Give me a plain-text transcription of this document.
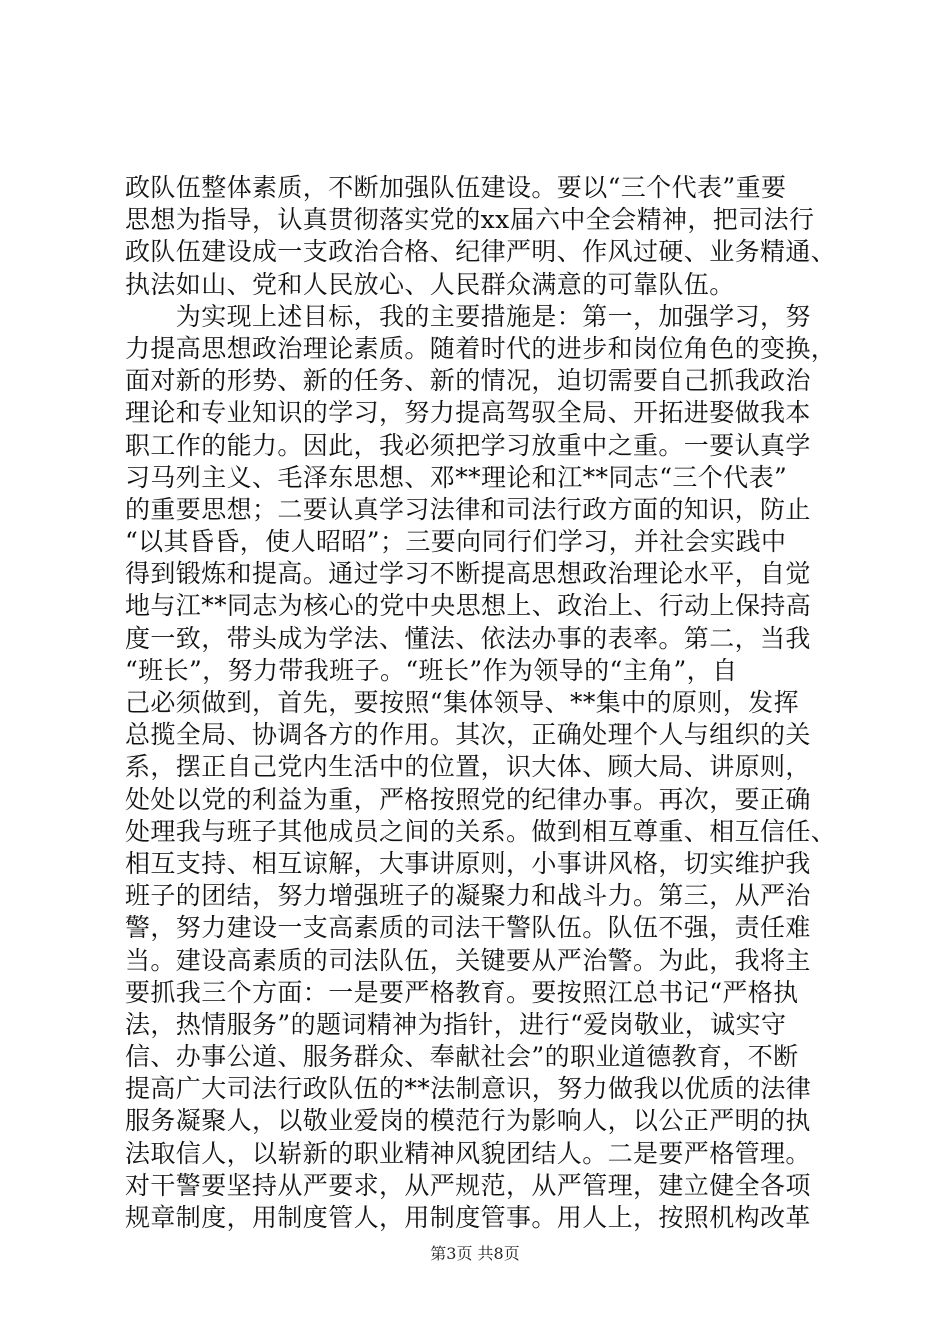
政队伍整体素质，不断加强队伍建设。要以“三个代表”重要
思想为指导，认真贯彻落实党的xx届六中全会精神，把司法行
政队伍建设成一支政治合格、纪律严明、作风过硬、业务精通、
执法如山、党和人民放心、人民群众满意的可靠队伍。
　　为实现上述目标，我的主要措施是：第一，加强学习，努
力提高思想政治理论素质。随着时代的进步和岗位角色的变换，
面对新的形势、新的任务、新的情况，迫切需要自己抓我政治
理论和专业知识的学习，努力提高驾驭全局、开拓进娶做我本
职工作的能力。因此，我必须把学习放重中之重。一要认真学
习马列主义、毛泽东思想、邓**理论和江**同志“三个代表”
的重要思想；二要认真学习法律和司法行政方面的知识，防止
“以其昏昏，使人昭昭”；三要向同行们学习，并社会实践中
得到锻炼和提高。通过学习不断提高思想政治理论水平，自觉
地与江**同志为核心的党中央思想上、政治上、行动上保持高
度一致，带头成为学法、懂法、依法办事的表率。第二，当我
“班长”，努力带我班子。“班长”作为领导的“主角”，自
己必须做到，首先，要按照“集体领导、**集中的原则，发挥
总揽全局、协调各方的作用。其次，正确处理个人与组织的关
系，摆正自己党内生活中的位置，识大体、顾大局、讲原则，
处处以党的利益为重，严格按照党的纪律办事。再次，要正确
处理我与班子其他成员之间的关系。做到相互尊重、相互信任、
相互支持、相互谅解，大事讲原则，小事讲风格，切实维护我
班子的团结，努力增强班子的凝聚力和战斗力。第三，从严治
警，努力建设一支高素质的司法干警队伍。队伍不强，责任难
当。建设高素质的司法队伍，关键要从严治警。为此，我将主
要抓我三个方面：一是要严格教育。要按照江总书记“严格执
法，热情服务”的题词精神为指针，进行“爱岗敬业，诚实守
信、办事公道、服务群众、奉献社会”的职业道德教育，不断
提高广大司法行政队伍的**法制意识，努力做我以优质的法律
服务凝聚人，以敬业爱岗的模范行为影响人，以公正严明的执
法取信人，以崭新的职业精神风貌团结人。二是要严格管理。
对干警要坚持从严要求，从严规范，从严管理，建立健全各项
规章制度，用制度管人，用制度管事。用人上，按照机构改革
第3页 共8页
